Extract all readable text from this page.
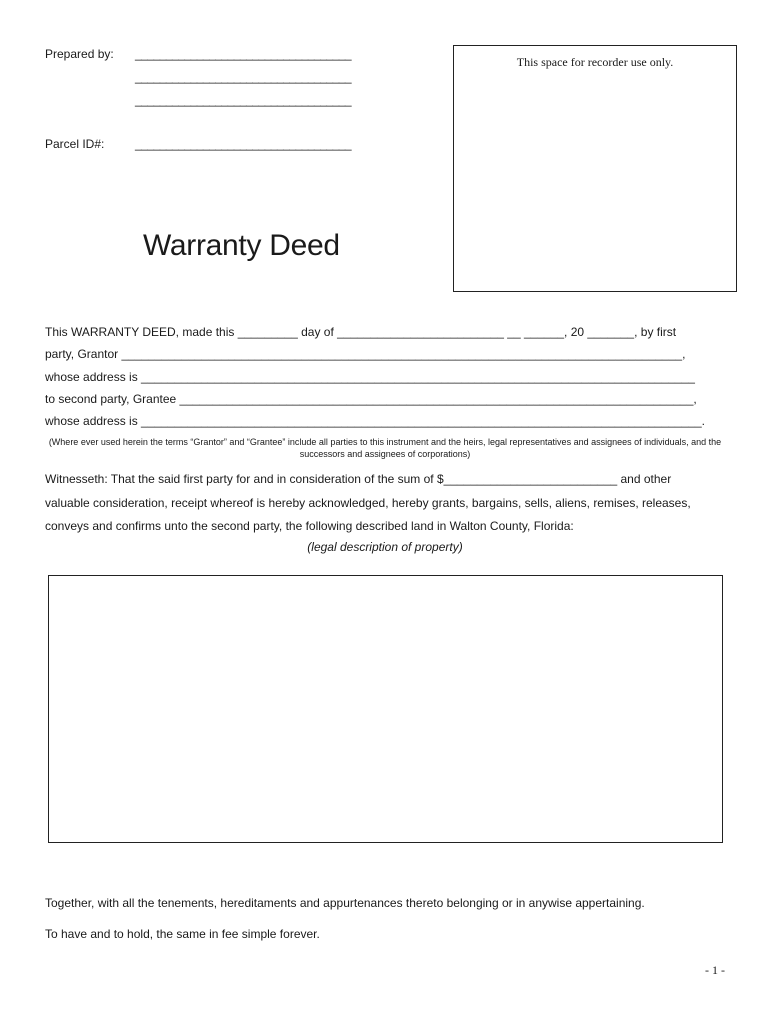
Prepared by: ___________________________________
___________________________________
___________________________________
Parcel ID#:	___________________________________
This space for recorder use only.
Warranty Deed
This WARRANTY DEED, made this _________ day of _________________________ __ ______, 20 _______, by first
party, Grantor ____________________________________________________________________________________,
whose address is ___________________________________________________________________________________
to second party, Grantee _____________________________________________________________________________,
whose address is ____________________________________________________________________________________.
(Where ever used herein the terms “Grantor” and “Grantee” include all parties to this instrument and the heirs, legal representatives and assignees of individuals, and the successors and assignees of corporations)
Witnesseth: That the said first party for and in consideration of the sum of $__________________________ and other
valuable consideration, receipt whereof is hereby acknowledged, hereby grants, bargains, sells, aliens, remises, releases,
conveys and confirms unto the second party, the following described land in Walton County, Florida:
(legal description of property)
Together, with all the tenements, hereditaments and appurtenances thereto belonging or in anywise appertaining.
To have and to hold, the same in fee simple forever.
- 1 -
